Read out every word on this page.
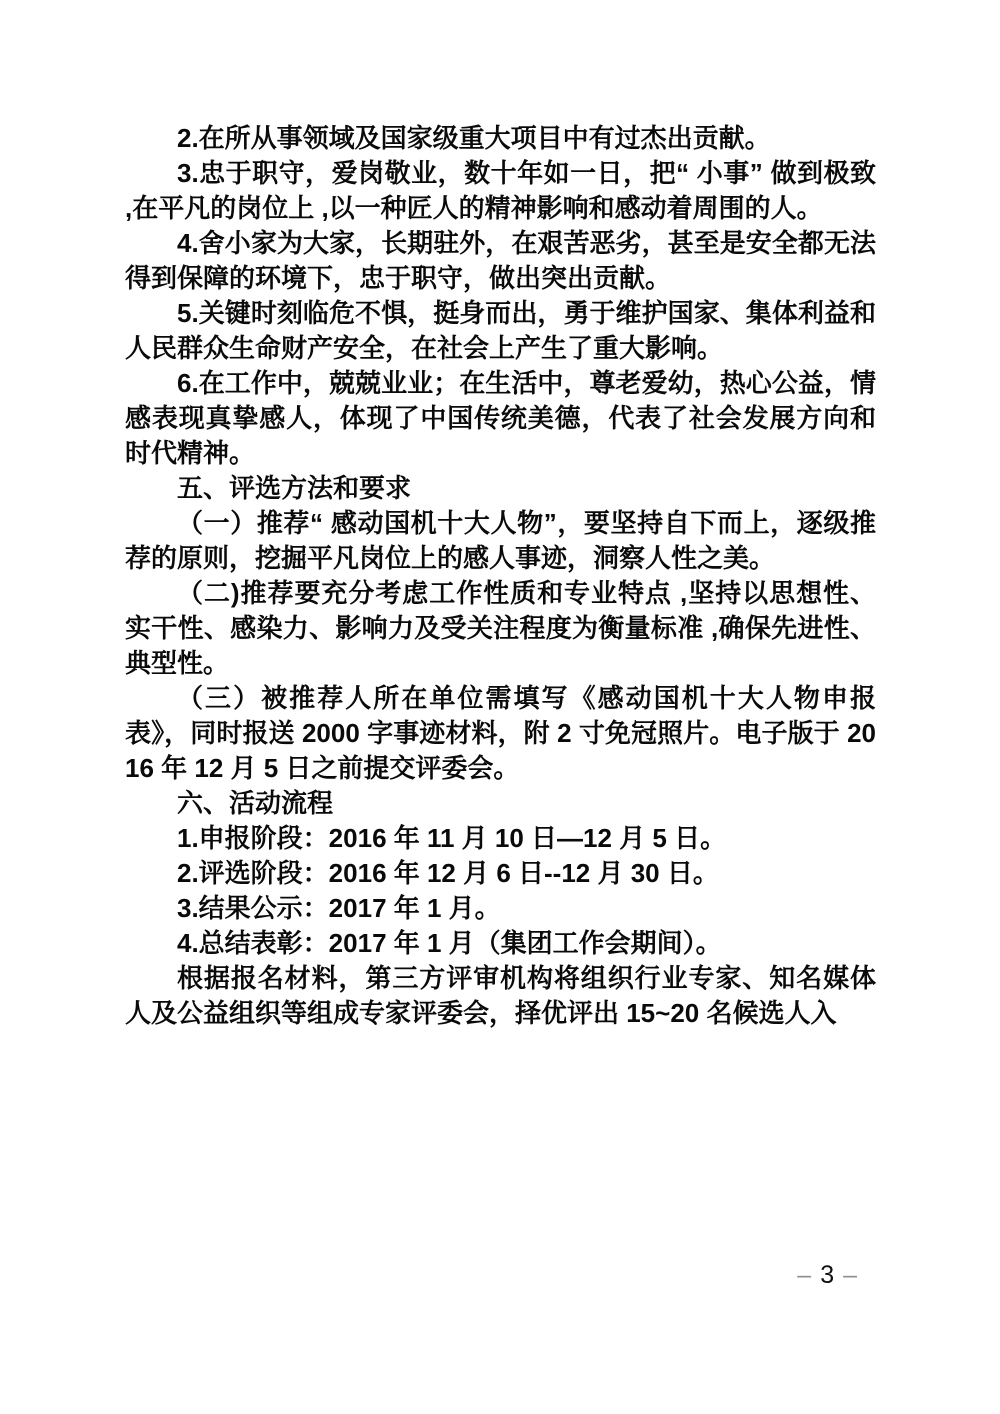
2.在所从事领域及国家级重大项目中有过杰出贡献。

3.忠于职守，爱岗敬业，数十年如一日，把“ 小事” 做到极致 ,在平凡的岗位上 ,以一种匠人的精神影响和感动着周围的人。

4.舍小家为大家，长期驻外，在艰苦恶劣，甚至是安全都无法得到保障的环境下，忠于职守，做出突出贡献。

5.关键时刻临危不惧，挺身而出，勇于维护国家、集体利益和人民群众生命财产安全，在社会上产生了重大影响。

6.在工作中，兢兢业业；在生活中，尊老爱幼，热心公益，情感表现真挚感人，体现了中国传统美德，代表了社会发展方向和时代精神。

五、评选方法和要求

（一）推荐“ 感动国机十大人物”，要坚持自下而上，逐级推荐的原则，挖掘平凡岗位上的感人事迹，洞察人性之美。

（二)推荐要充分考虑工作性质和专业特点 ,坚持以思想性、实干性、感染力、影响力及受关注程度为衡量标准 ,确保先进性、典型性。

（三）被推荐人所在单位需填写《感动国机十大人物申报表》，同时报送 2000 字事迹材料，附 2 寸免冠照片。电子版于 2016 年 12 月 5 日之前提交评委会。

六、活动流程

1.申报阶段：2016 年 11 月 10 日—12 月 5 日。

2.评选阶段：2016 年 12 月 6 日--12 月 30 日。

3.结果公示：2017 年 1 月。

4.总结表彰：2017 年 1 月（集团工作会期间）。

根据报名材料，第三方评审机构将组织行业专家、知名媒体人及公益组织等组成专家评委会，择优评出 15~20 名候选人入

– 3 –
